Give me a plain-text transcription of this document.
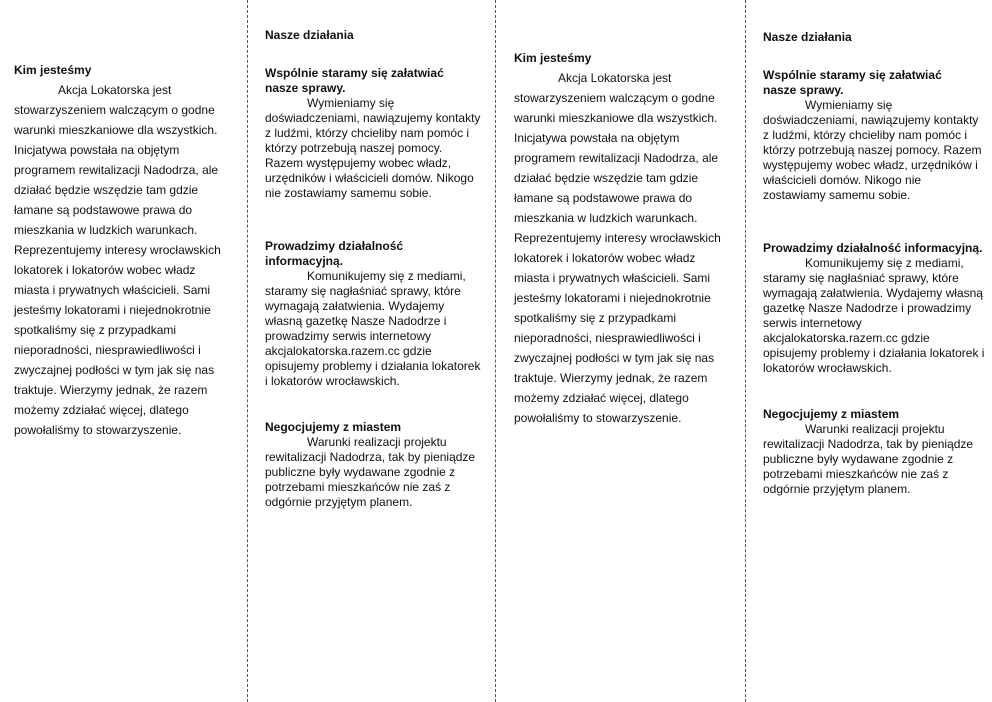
Kim jesteśmy

Akcja Lokatorska jest stowarzyszeniem walczącym o godne warunki mieszkaniowe dla wszystkich. Inicjatywa powstała na objętym programem rewitalizacji Nadodrza, ale działać będzie wszędzie tam gdzie łamane są podstawowe prawa do mieszkania w ludzkich warunkach. Reprezentujemy interesy wrocławskich lokatorek i lokatorów wobec władz miasta i prywatnych właścicieli. Sami jesteśmy lokatorami i niejednokrotnie spotkaliśmy się z przypadkami nieporadności, niesprawiedliwości i zwyczajnej podłości w tym jak się nas traktuje. Wierzymy jednak, że razem możemy zdziałać więcej, dlatego powołaliśmy to stowarzyszenie.

Nasze działania
Wspólnie staramy się załatwiać nasze sprawy.

Wymieniamy się doświadczeniami, nawiązujemy kontakty z ludźmi, którzy chcieliby nam pomóc i którzy potrzebują naszej pomocy. Razem występujemy wobec władz, urzędników i właścicieli domów. Nikogo nie zostawiamy samemu sobie.

Prowadzimy działalność informacyjną.

Komunikujemy się z mediami, staramy się nagłaśniać sprawy, które wymagają załatwienia. Wydajemy własną gazetkę Nasze Nadodrze i prowadzimy serwis internetowy akcjalokatorska.razem.cc gdzie opisujemy problemy i działania lokatorek i lokatorów wrocławskich.

Negocjujemy z miastem

Warunki realizacji projektu rewitalizacji Nadodrza, tak by pieniądze publiczne były wydawane zgodnie z potrzebami mieszkańców nie zaś z odgórnie przyjętym planem.

Kim jesteśmy

Akcja Lokatorska jest stowarzyszeniem walczącym o godne warunki mieszkaniowe dla wszystkich. Inicjatywa powstała na objętym programem rewitalizacji Nadodrza, ale działać będzie wszędzie tam gdzie łamane są podstawowe prawa do mieszkania w ludzkich warunkach. Reprezentujemy interesy wrocławskich lokatorek i lokatorów wobec władz miasta i prywatnych właścicieli. Sami jesteśmy lokatorami i niejednokrotnie spotkaliśmy się z przypadkami nieporadności, niesprawiedliwości i zwyczajnej podłości w tym jak się nas traktuje. Wierzymy jednak, że razem możemy zdziałać więcej, dlatego powołaliśmy to stowarzyszenie.

Nasze działania
Wspólnie staramy się załatwiać nasze sprawy.

Wymieniamy się doświadczeniami, nawiązujemy kontakty z ludźmi, którzy chcieliby nam pomóc i którzy potrzebują naszej pomocy. Razem występujemy wobec władz, urzędników i właścicieli domów. Nikogo nie zostawiamy samemu sobie.

Prowadzimy działalność informacyjną.

Komunikujemy się z mediami, staramy się nagłaśniać sprawy, które wymagają załatwienia. Wydajemy własną gazetkę Nasze Nadodrze i prowadzimy serwis internetowy akcjalokatorska.razem.cc gdzie opisujemy problemy i działania lokatorek i lokatorów wrocławskich.

Negocjujemy z miastem

Warunki realizacji projektu rewitalizacji Nadodrza, tak by pieniądze publiczne były wydawane zgodnie z potrzebami mieszkańców nie zaś z odgórnie przyjętym planem.
